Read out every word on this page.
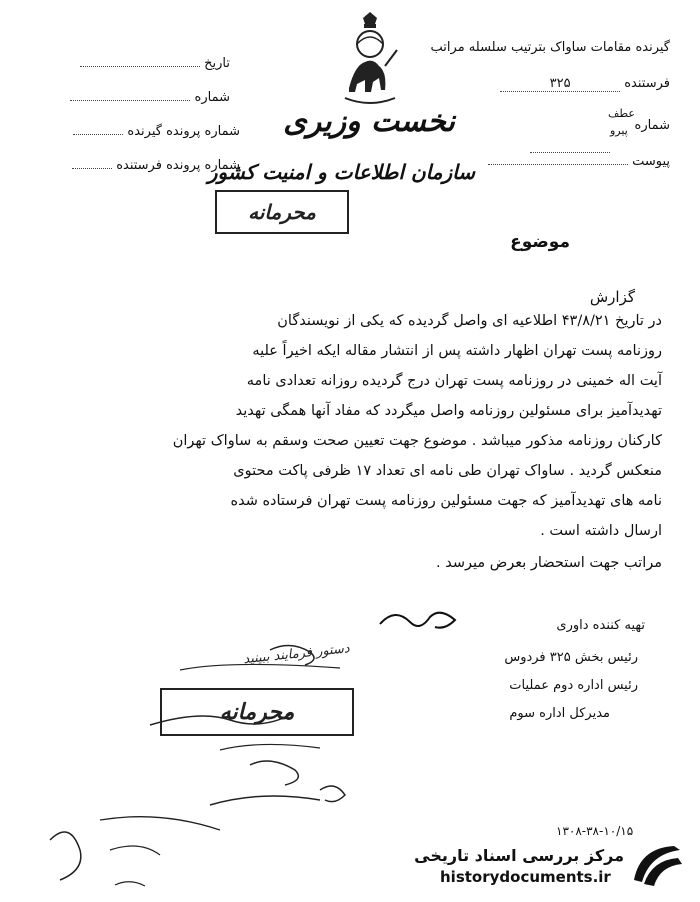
گیرنده مقامات ساواک بترتیب سلسله مراتب
فرستنده ۳۲۵
شماره
عطف
پیرو
پیوست
تاریخ
شماره
شماره پرونده گیرنده
شماره پرونده فرستنده
نخست وزیری
سازمان اطلاعات و امنیت کشور
محرمانه
موضوع
گزارش
در تاریخ ۴۳/۸/۲۱ اطلاعیه ای واصل گردیده که یکی از نویسندگان
روزنامه پست تهران اظهار داشته پس از انتشار مقاله ایکه اخیراً علیه
آیت اله خمینی در روزنامه پست تهران درج گردیده روزانه تعدادی نامه
تهدیدآمیز برای مسئولین روزنامه واصل میگردد که مفاد آنها همگی تهدید
کارکنان روزنامه مذکور میباشد . موضوع جهت تعیین صحت وسقم به ساواک تهران
منعکس گردید . ساواک تهران طی نامه ای تعداد ۱۷ ظرفی پاکت محتوی
نامه های تهدیدآمیز که جهت مسئولین روزنامه پست تهران فرستاده شده
ارسال داشته است .
مراتب جهت استحضار بعرض میرسد .
تهیه کننده داوری
رئیس بخش ۳۲۵ فردوس
رئیس اداره دوم عملیات
مدیرکل اداره سوم
دستور فرمایند ببینید
محرمانه
۱۳۰۸-۳۸-۱۰/۱۵
مرکز بررسی اسناد تاریخی
historydocuments.ir
